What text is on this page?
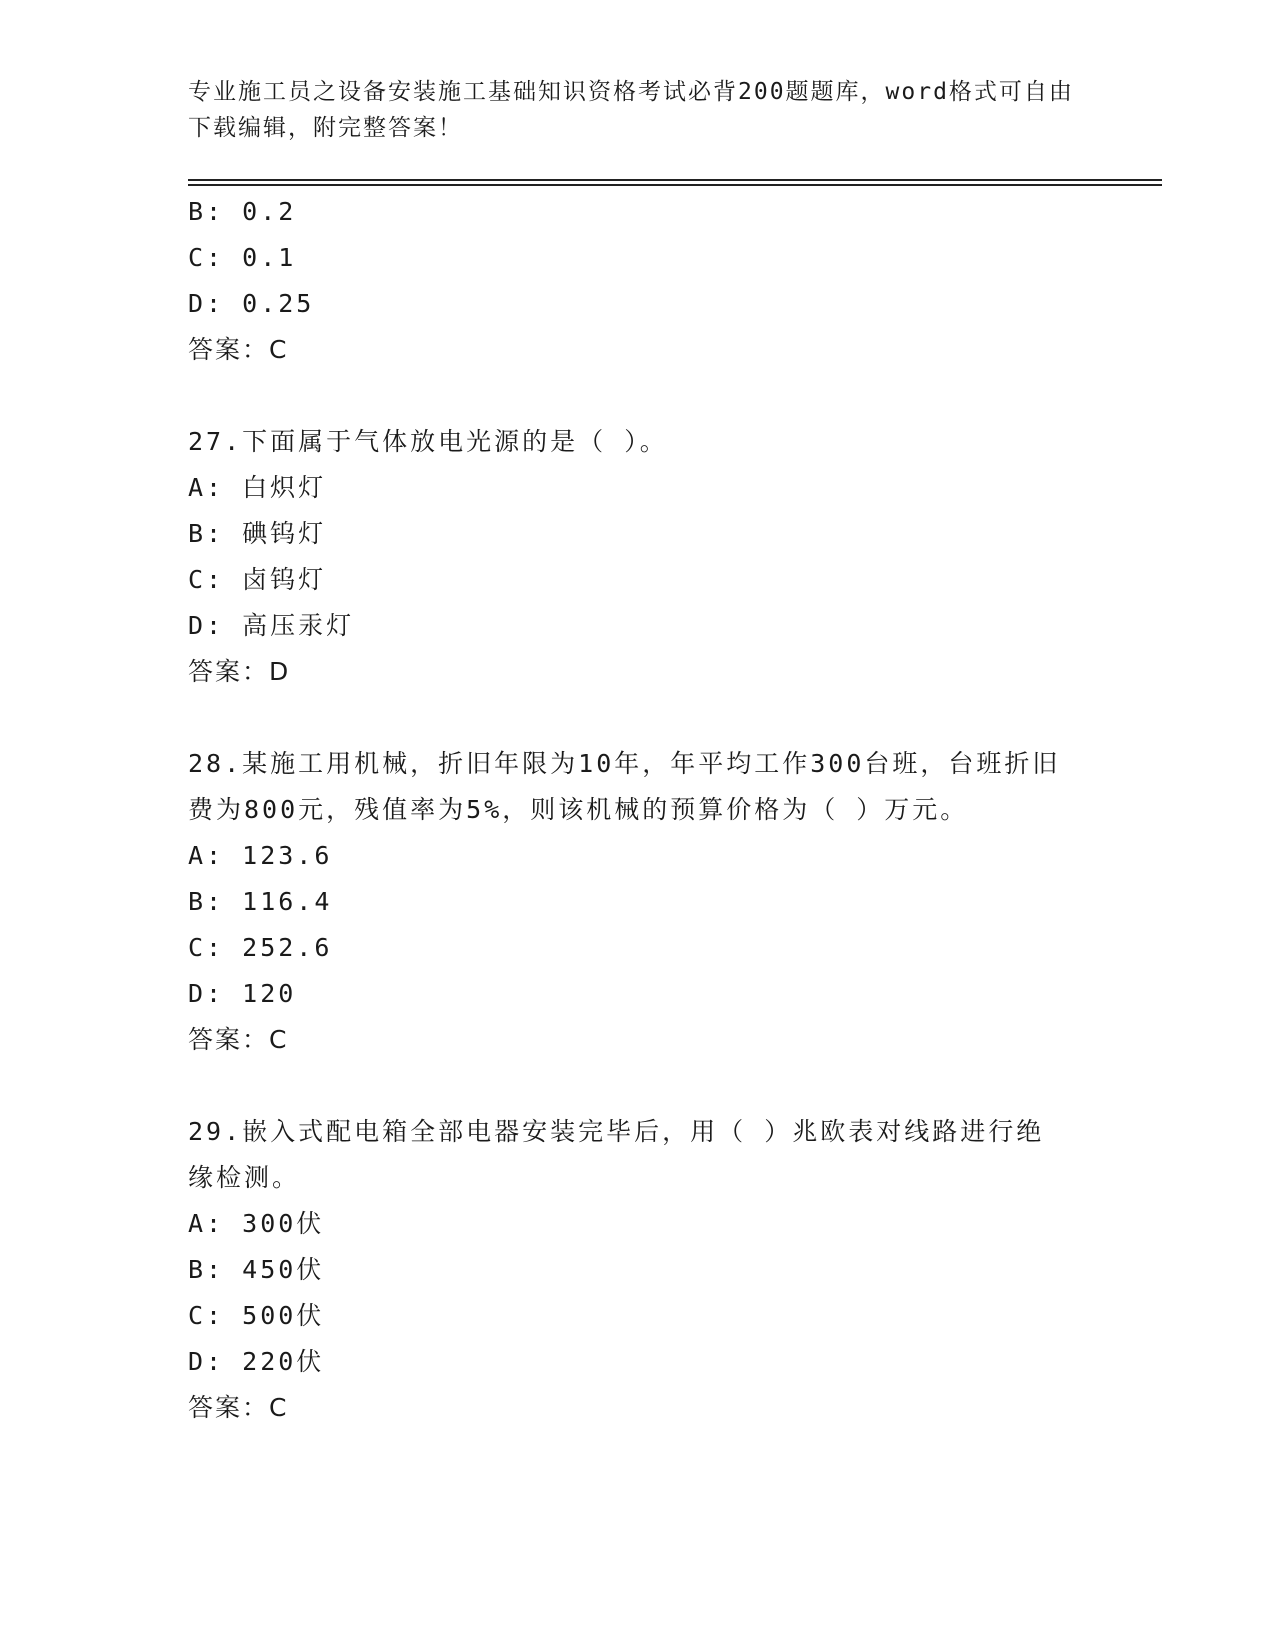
专业施工员之设备安装施工基础知识资格考试必背200题题库，word格式可自由下载编辑，附完整答案！
B: 0.2
C: 0.1
D: 0.25
答案：C
27.下面属于气体放电光源的是（ ）。
A: 白炽灯
B: 碘钨灯
C: 卤钨灯
D: 高压汞灯
答案：D
28.某施工用机械，折旧年限为10年，年平均工作300台班，台班折旧费为800元，残值率为5%，则该机械的预算价格为（ ）万元。
A: 123.6
B: 116.4
C: 252.6
D: 120
答案：C
29.嵌入式配电箱全部电器安装完毕后，用（ ）兆欧表对线路进行绝缘检测。
A: 300伏
B: 450伏
C: 500伏
D: 220伏
答案：C
